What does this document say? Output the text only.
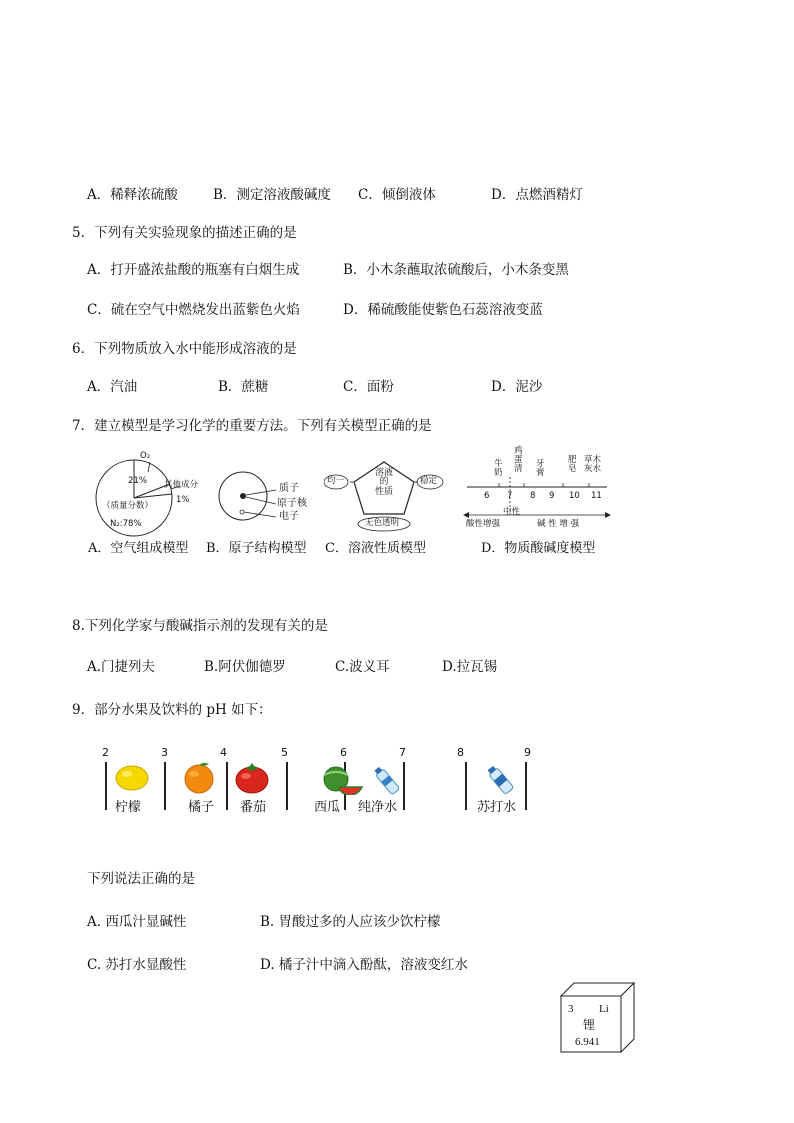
A．稀释浓硫酸	B．测定溶液酸碱度 C．倾倒液体	D．点燃酒精灯
5．下列有关实验现象的描述正确的是
A．打开盛浓盐酸的瓶塞有白烟生成	B．小木条蘸取浓硫酸后，小木条变黑
C．硫在空气中燃烧发出蓝紫色火焰	D．稀硫酸能使紫色石蕊溶液变蓝
6．下列物质放入水中能形成溶液的是
A．汽油	B．蔗糖	C．面粉	D．泥沙
7．建立模型是学习化学的重要方法。下列有关模型正确的是
O₂
21% 其他成分
1%
（质量分数）
N₂:78%
A．空气组成模型
质子
原子核
电子
B．原子结构模型
溶液
的
性质
均一	稳定
无色透明
C．溶液性质模型
牛
奶
鸡
蛋
清 牙
膏
肥
皂
草木
灰水
6 7 8 9 10 11
中性
酸性增强	碱 性 增 强
D．物质酸碱度模型
8.下列化学家与酸碱指示剂的发现有关的是
A.门捷列夫	B.阿伏伽德罗	C.波义耳	D.拉瓦锡
9．部分水果及饮料的 pH 如下：
2	3	4	5	6	7	8	9
柠檬	橘子 番茄	西瓜 纯净水	苏打水
下列说法正确的是
A. 西瓜汁显碱性	B. 胃酸过多的人应该少饮柠檬
C. 苏打水显酸性	D. 橘子汁中滴入酚酞，溶液变红水
3 Li
锂
6.941
